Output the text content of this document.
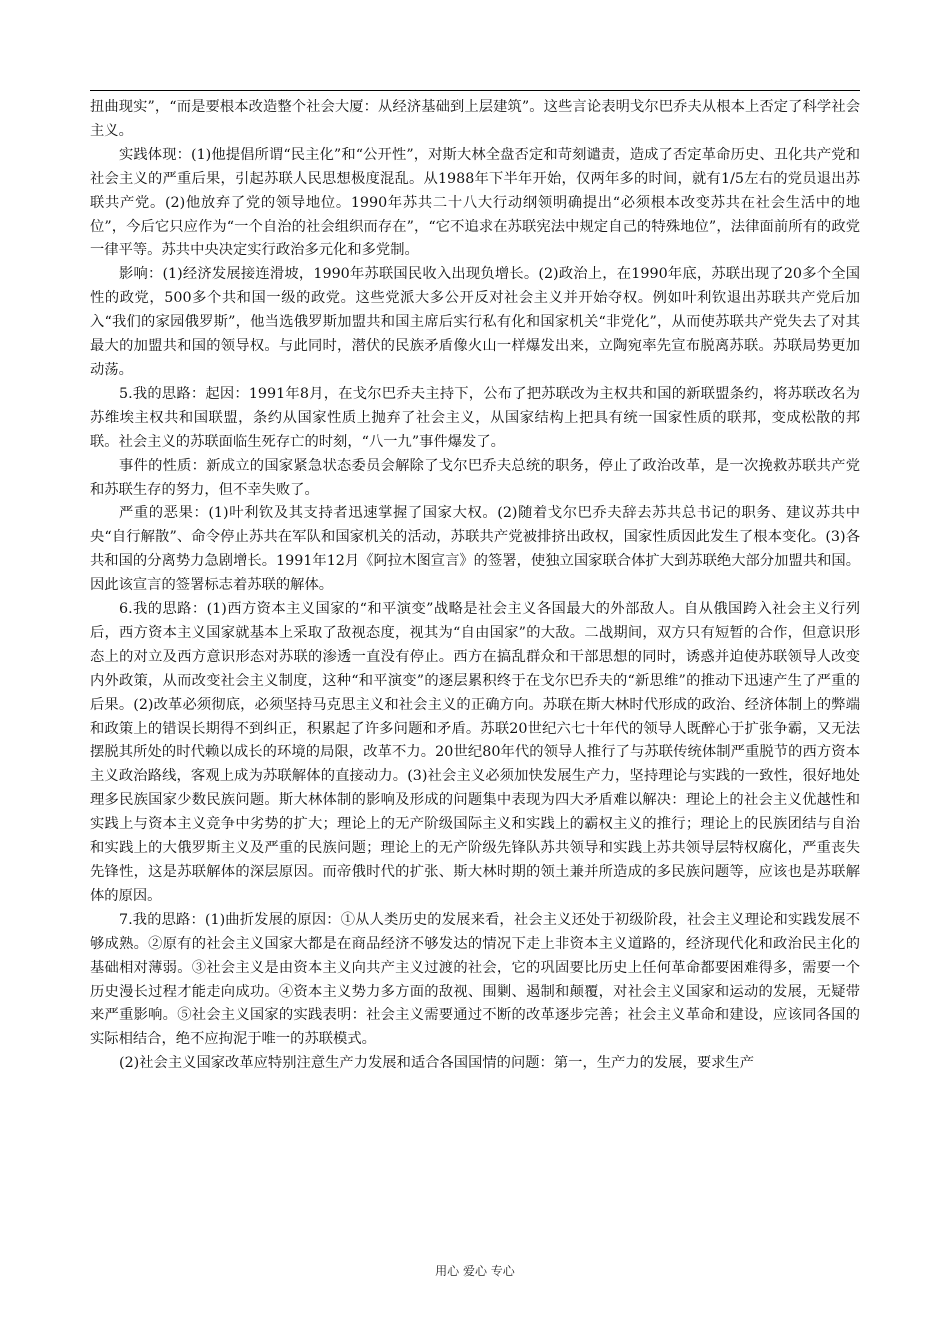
扭曲现实”，“而是要根本改造整个社会大厦：从经济基础到上层建筑”。这些言论表明戈尔巴乔夫从根本上否定了科学社会主义。

实践体现：(1)他提倡所谓“民主化”和“公开性”，对斯大林全盘否定和苛刻谴责，造成了否定革命历史、丑化共产党和社会主义的严重后果，引起苏联人民思想极度混乱。从1988年下半年开始，仅两年多的时间，就有1/5左右的党员退出苏联共产党。(2)他放弃了党的领导地位。1990年苏共二十八大行动纲领明确提出“必须根本改变苏共在社会生活中的地位”，今后它只应作为“一个自治的社会组织而存在”，“它不追求在苏联宪法中规定自己的特殊地位”，法律面前所有的政党一律平等。苏共中央决定实行政治多元化和多党制。

影响：(1)经济发展接连滑坡，1990年苏联国民收入出现负增长。(2)政治上，在1990年底，苏联出现了20多个全国性的政党，500多个共和国一级的政党。这些党派大多公开反对社会主义并开始夺权。例如叶利钦退出苏联共产党后加入“我们的家园俄罗斯”，他当选俄罗斯加盟共和国主席后实行私有化和国家机关“非党化”，从而使苏联共产党失去了对其最大的加盟共和国的领导权。与此同时，潜伏的民族矛盾像火山一样爆发出来，立陶宛率先宣布脱离苏联。苏联局势更加动荡。

5.我的思路：起因：1991年8月，在戈尔巴乔夫主持下，公布了把苏联改为主权共和国的新联盟条约，将苏联改名为苏维埃主权共和国联盟，条约从国家性质上抛弃了社会主义，从国家结构上把具有统一国家性质的联邦，变成松散的邦联。社会主义的苏联面临生死存亡的时刻，“八一九”事件爆发了。

事件的性质：新成立的国家紧急状态委员会解除了戈尔巴乔夫总统的职务，停止了政治改革，是一次挽救苏联共产党和苏联生存的努力，但不幸失败了。

严重的恶果：(1)叶利钦及其支持者迅速掌握了国家大权。(2)随着戈尔巴乔夫辞去苏共总书记的职务、建议苏共中央“自行解散”、命令停止苏共在军队和国家机关的活动，苏联共产党被排挤出政权，国家性质因此发生了根本变化。(3)各共和国的分离势力急剧增长。1991年12月《阿拉木图宣言》的签署，使独立国家联合体扩大到苏联绝大部分加盟共和国。因此该宣言的签署标志着苏联的解体。

6.我的思路：(1)西方资本主义国家的“和平演变”战略是社会主义各国最大的外部敌人。自从俄国跨入社会主义行列后，西方资本主义国家就基本上采取了敌视态度，视其为“自由国家”的大敌。二战期间，双方只有短暂的合作，但意识形态上的对立及西方意识形态对苏联的渗透一直没有停止。西方在搞乱群众和干部思想的同时，诱惑并迫使苏联领导人改变内外政策，从而改变社会主义制度，这种“和平演变”的逐层累积终于在戈尔巴乔夫的“新思维”的推动下迅速产生了严重的后果。(2)改革必须彻底，必须坚持马克思主义和社会主义的正确方向。苏联在斯大林时代形成的政治、经济体制上的弊端和政策上的错误长期得不到纠正，积累起了许多问题和矛盾。苏联20世纪六七十年代的领导人既醉心于扩张争霸，又无法摆脱其所处的时代赖以成长的环境的局限，改革不力。20世纪80年代的领导人推行了与苏联传统体制严重脱节的西方资本主义政治路线，客观上成为苏联解体的直接动力。(3)社会主义必须加快发展生产力，坚持理论与实践的一致性，很好地处理多民族国家少数民族问题。斯大林体制的影响及形成的问题集中表现为四大矛盾难以解决：理论上的社会主义优越性和实践上与资本主义竞争中劣势的扩大；理论上的无产阶级国际主义和实践上的霸权主义的推行；理论上的民族团结与自治和实践上的大俄罗斯主义及严重的民族问题；理论上的无产阶级先锋队苏共领导和实践上苏共领导层特权腐化，严重丧失先锋性，这是苏联解体的深层原因。而帝俄时代的扩张、斯大林时期的领土兼并所造成的多民族问题等，应该也是苏联解体的原因。

7.我的思路：(1)曲折发展的原因：①从人类历史的发展来看，社会主义还处于初级阶段，社会主义理论和实践发展不够成熟。②原有的社会主义国家大都是在商品经济不够发达的情况下走上非资本主义道路的，经济现代化和政治民主化的基础相对薄弱。③社会主义是由资本主义向共产主义过渡的社会，它的巩固要比历史上任何革命都要困难得多，需要一个历史漫长过程才能走向成功。④资本主义势力多方面的敌视、围剿、遏制和颠覆，对社会主义国家和运动的发展，无疑带来严重影响。⑤社会主义国家的实践表明：社会主义需要通过不断的改革逐步完善；社会主义革命和建设，应该同各国的实际相结合，绝不应拘泥于唯一的苏联模式。

(2)社会主义国家改革应特别注意生产力发展和适合各国国情的问题：第一，生产力的发展，要求生产

用心 爱心 专心
